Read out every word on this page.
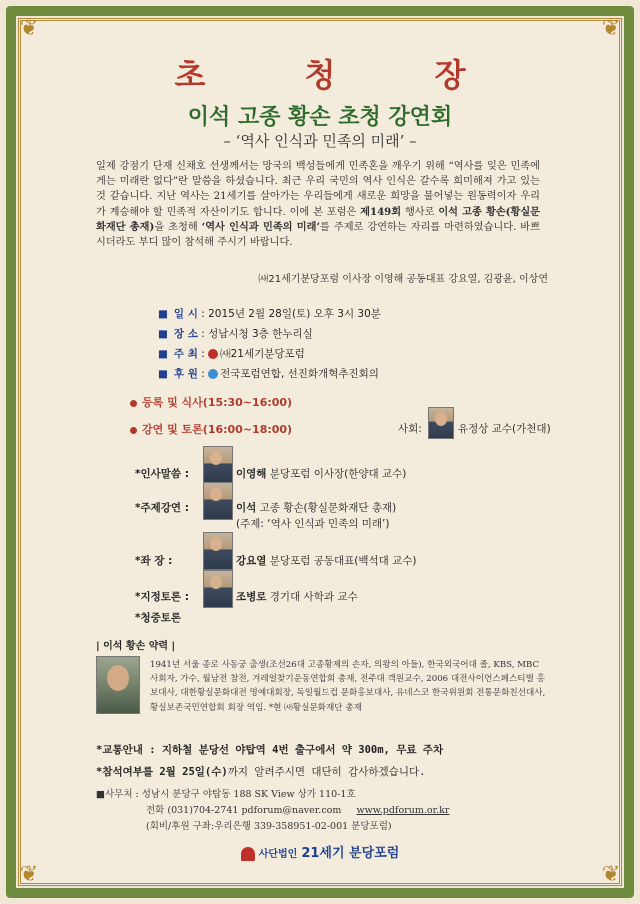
❦	❦
❦	❦
초 청 장
이석 고종 황손 초청 강연회
– ‘역사 인식과 민족의 미래’ –
일제 강점기 단재 신채호 선생께서는 망국의 백성들에게 민족혼을 깨우기 위해 “역사를 잊은 민족에게는 미래란 없다”란 말씀을 하셨습니다. 최근 우리 국민의 역사 인식은 갈수록 희미해져 가고 있는 것 같습니다. 지난 역사는 21세기를 살아가는 우리들에게 새로운 희망을 불어넣는 원동력이자 우리가 계승해야 할 민족적 자산이기도 합니다. 이에 본 포럼은 제149회 행사로 이석 고종 황손(황실문화재단 총재)을 초청해 ‘역사 인식과 민족의 미래’를 주제로 강연하는 자리를 마련하였습니다. 바쁘시더라도 부디 많이 참석해 주시기 바랍니다.
㈔21세기분당포럼 이사장 이영해 공동대표 강요열, 김광윤, 이상연
■ 일 시 : 2015년 2월 28일(토) 오후 3시 30분
■ 장 소 : 성남시청 3층 한누리실
■ 주 최 : ㈔21세기분당포럼
■ 후 원 : 전국포럼연합, 선진화개혁추진회의
등록 및 식사(15:30~16:00)
강연 및 토론(16:00~18:00)	사회:	유정상 교수(가천대)
*인사말씀 :	이영해 분당포럼 이사장(한양대 교수)
*주제강연 :	이석 고종 황손(황실문화재단 총재)
(주제: ‘역사 인식과 민족의 미래’)
*좌 장 :	강요열 분당포럼 공동대표(백석대 교수)
*지정토론 :	조병로 경기대 사학과 교수
*청중토론
| 이석 황손 약력 |
1941년 서울 종로 사동궁 출생(조선26대 고종황제의 손자, 의왕의 아들), 한국외국어대 졸, KBS, MBC 사회자, 가수, 월남전 참전, 겨레얼찾기운동연합회 총재, 전주대 객원교수, 2006 대전사이언스페스티벌 홍보대사, 대한황실문화대전 명예대회장, 독일월드컵 문화홍보대사, 유네스코 한국위원회 전통문화친선대사, 황실보존국민연합회 회장 역임. *현 ㈔황실문화재단 총재
*교통안내 : 지하철 분당선 야탑역 4번 출구에서 약 300m, 무료 주차
*참석여부를 2월 25일(수)까지 알려주시면 대단히 감사하겠습니다.
■사무처 : 성남시 분당구 야탑동 188 SK View 상가 110-1호
전화 (031)704-2741 pdforum@naver.com www.pdforum.or.kr
(회비/후원 구좌:우리은행 339-358951-02-001 분당포럼)
사단법인 21세기 분당포럼
